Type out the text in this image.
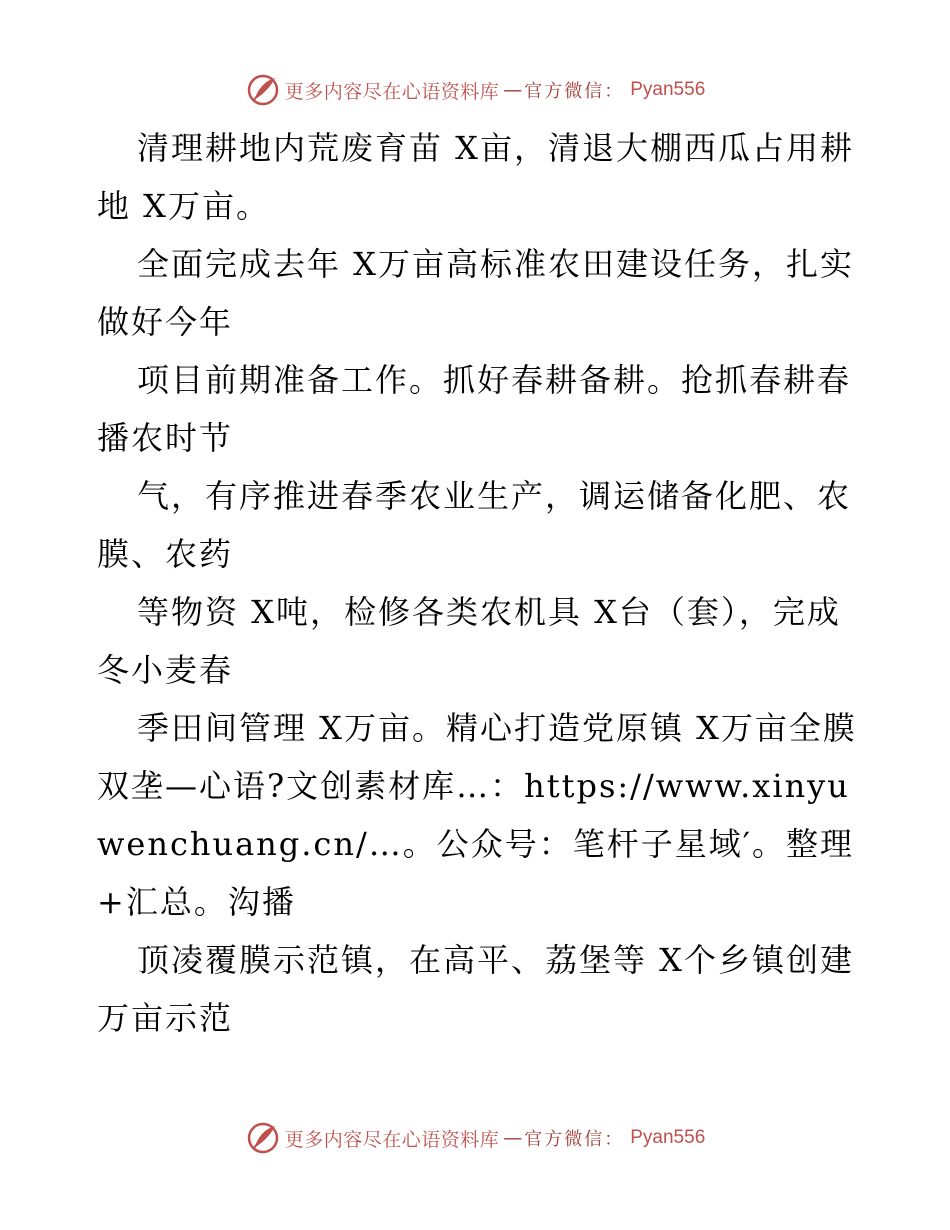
更多内容尽在心语资料库 — 官方微信： Pyan556

清理耕地内荒废育苗 X亩，清退大棚西瓜占用耕地 X万亩。

全面完成去年 X万亩高标准农田建设任务，扎实做好今年

项目前期准备工作。抓好春耕备耕。抢抓春耕春播农时节

气，有序推进春季农业生产，调运储备化肥、农膜、农药

等物资 X吨，检修各类农机具 X台（套），完成冬小麦春

季田间管理 X万亩。精心打造党原镇 X万亩全膜双垄—心语?文创素材库…：https://www.xinyuwenchuang.cn/…。公众号：笔杆子星域′。整理+汇总。沟播

顶凌覆膜示范镇，在高平、荔堡等 X个乡镇创建万亩示范

更多内容尽在心语资料库 — 官方微信： Pyan556
